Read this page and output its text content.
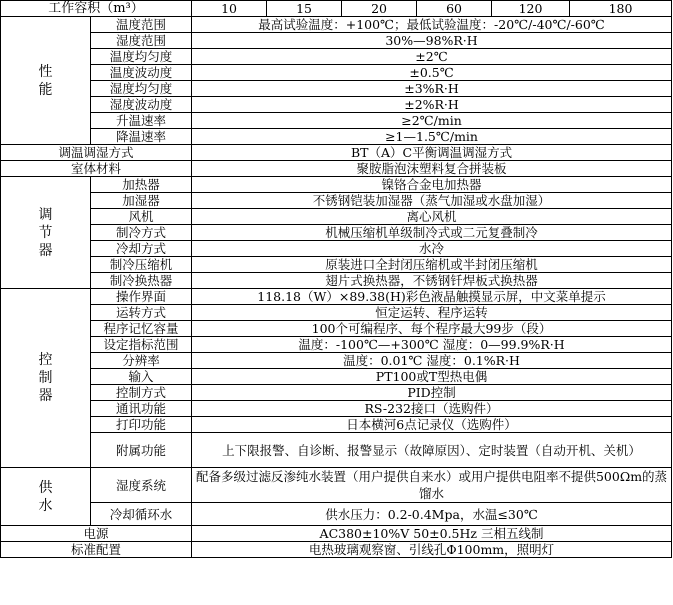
工作容积（m³）		10	15	20	60	120	180
性
能	温度范围	最高试验温度：+100℃；最低试验温度：-20℃/-40℃/-60℃					
	湿度范围	30%—98%R·H					
	温度均匀度	±2℃					
	温度波动度	±0.5℃					
	湿度均匀度	±3%R·H					
	湿度波动度	±2%R·H					
	升温速率	≥2℃/min					
	降温速率	≥1—1.5℃/min					
调温调湿方式		BT（A）C平衡调温调湿方式					
室体材料		聚胺脂泡沫塑料复合拼装板					
调
节
器	加热器	镍铬合金电加热器					
	加湿器	不锈钢铠装加湿器（蒸气加湿或水盘加湿）					
	风机	离心风机					
	制冷方式	机械压缩机单级制冷式或二元复叠制冷					
	冷却方式	水冷					
	制冷压缩机	原装进口全封闭压缩机或半封闭压缩机					
	制冷换热器	翅片式换热器，不锈钢钎焊板式换热器					
控
制
器	操作界面	118.18（W）×89.38(H)彩色液晶触摸显示屏，中文菜单提示					
	运转方式	恒定运转、程序运转					
	程序记忆容量	100个可编程序、每个程序最大99步（段）					
	设定指标范围	温度：-100℃—+300℃ 湿度：0—99.9%R·H					
	分辨率	温度：0.01℃ 湿度：0.1%R·H					
	输入	PT100或T型热电偶					
	控制方式	PID控制					
	通讯功能	RS-232接口（选购件）					
	打印功能	日本横河6点记录仪（选购件）					
	附属功能	上下限报警、自诊断、报警显示（故障原因）、定时装置（自动开机、关机）					
供
水	湿度系统	配备多级过滤反渗纯水装置（用户提供自来水）或用户提供电阻率不提供500Ωm的蒸馏水					
	冷却循环水	供水压力：0.2-0.4Mpa，水温≤30℃					
电源		AC380±10%V 50±0.5Hz 三相五线制					
标准配置		电热玻璃观察窗、引线孔Φ100mm，照明灯					
